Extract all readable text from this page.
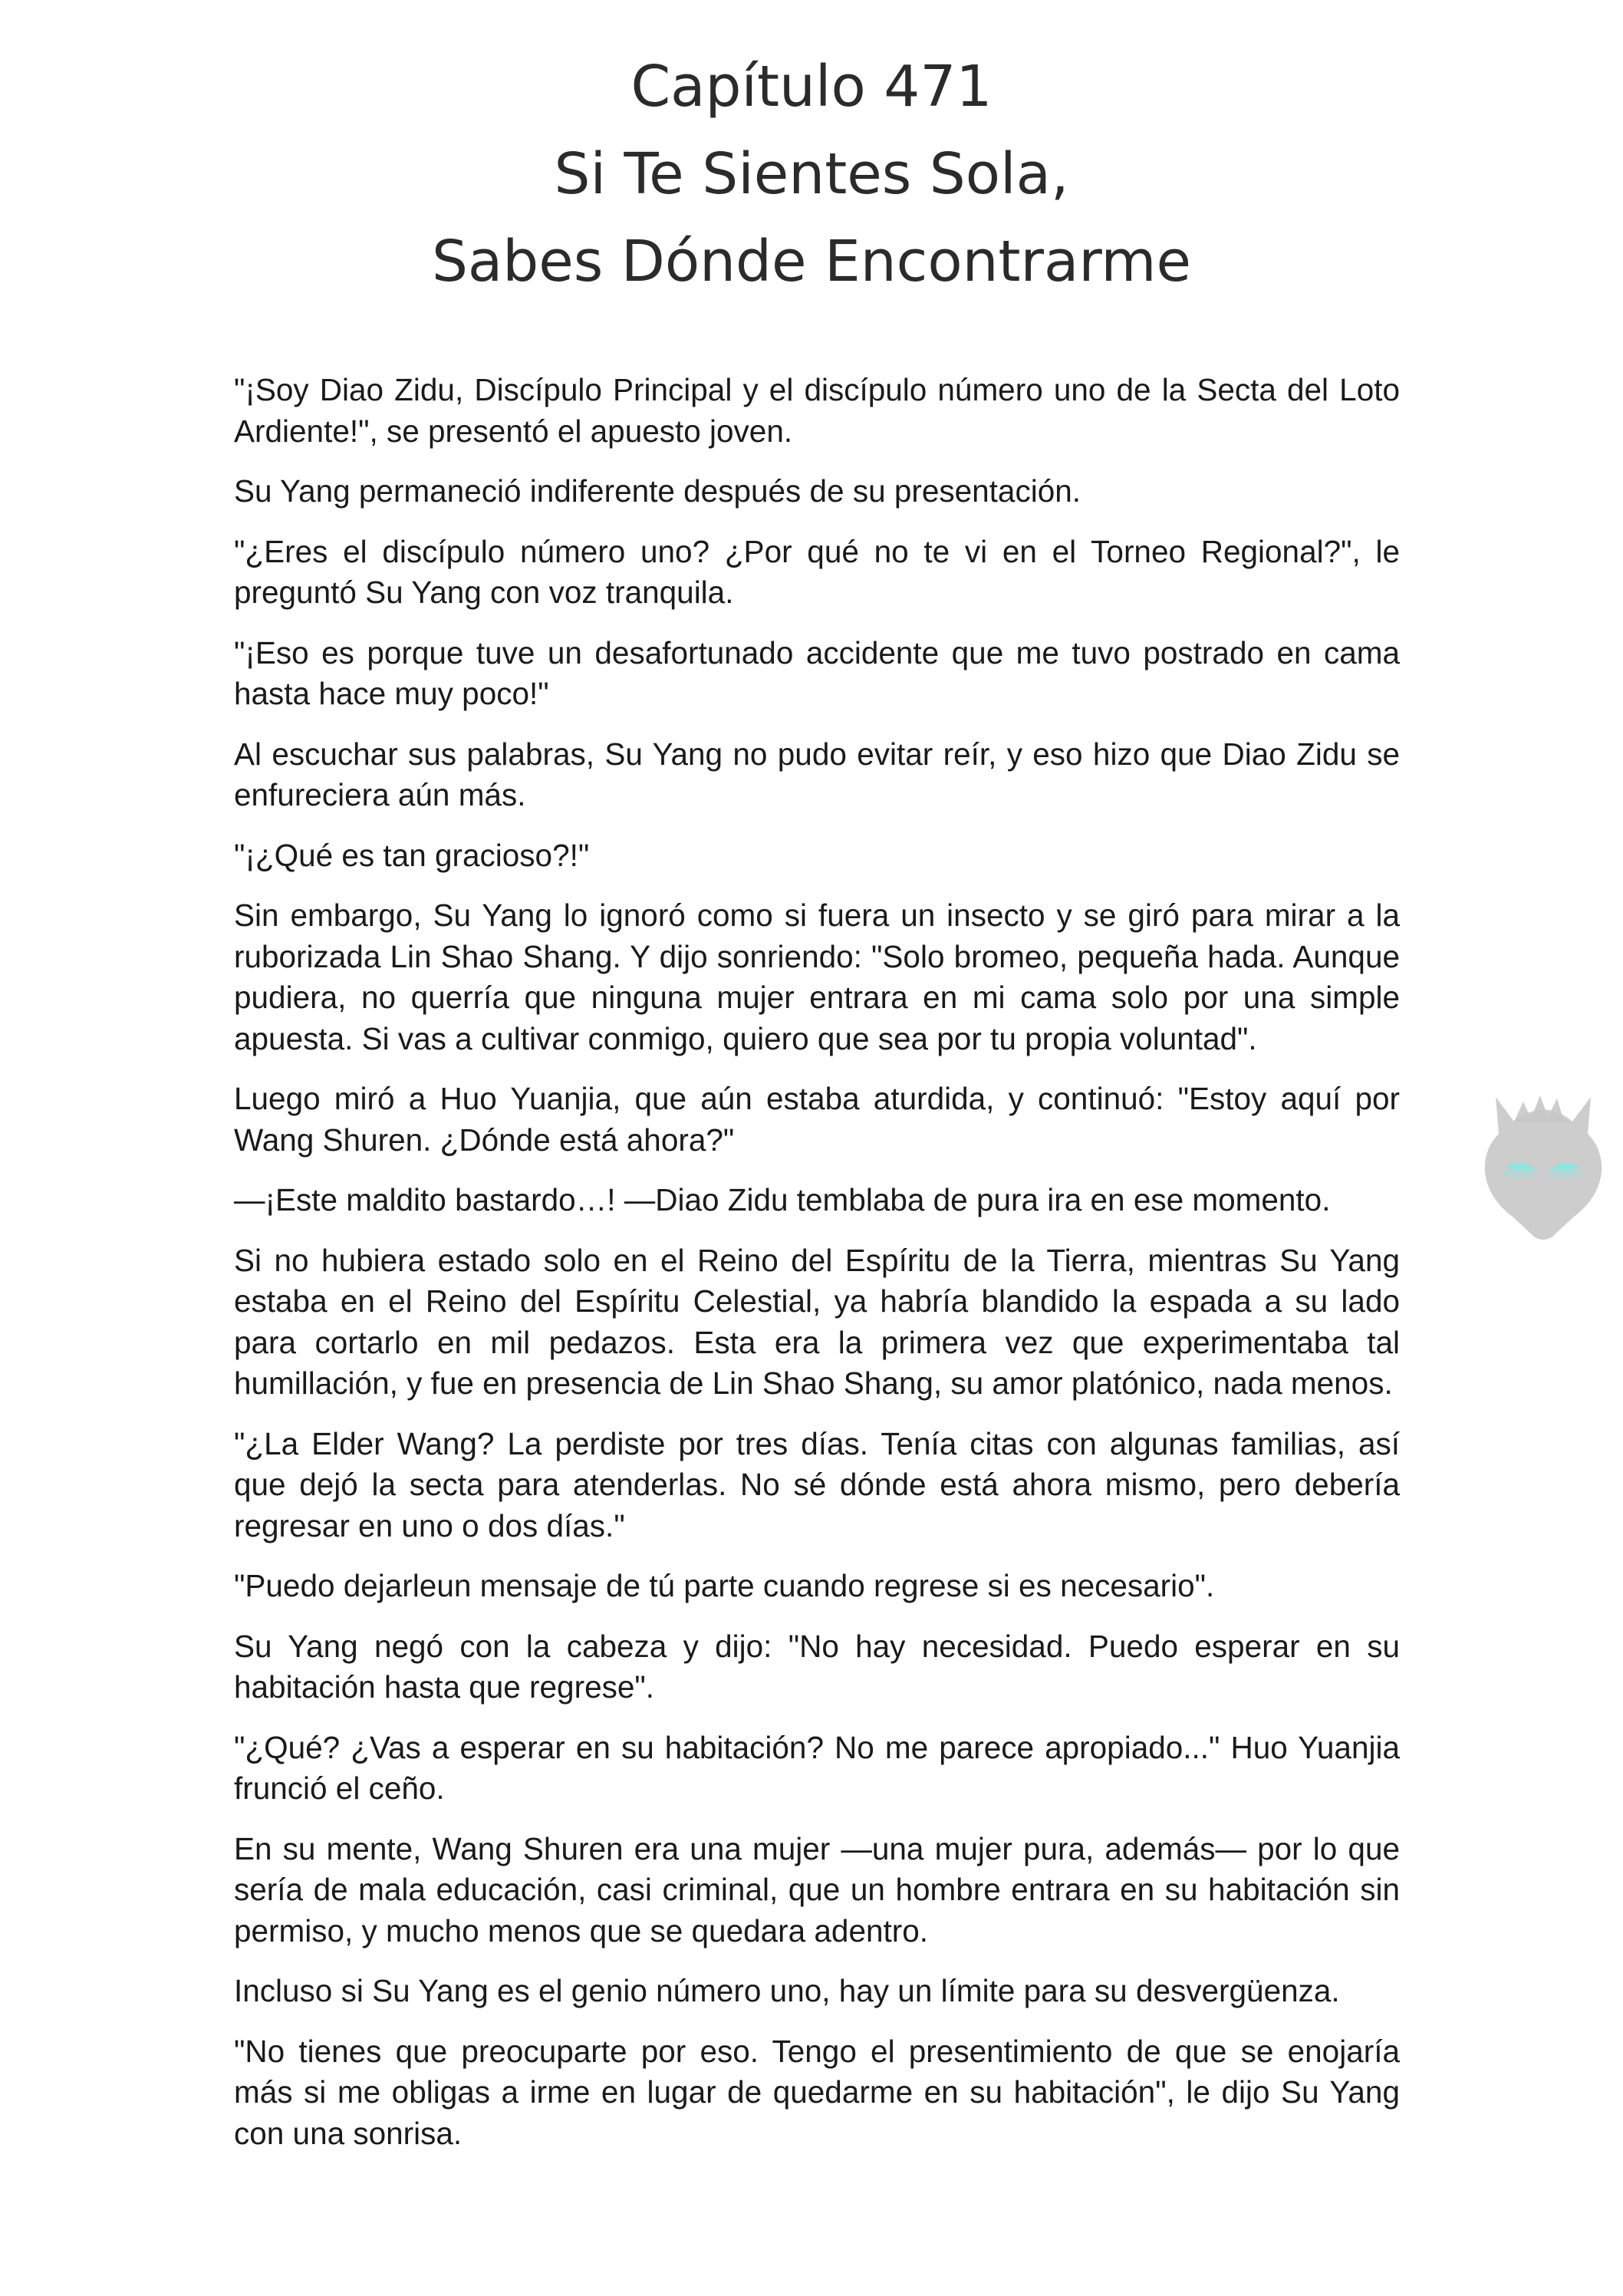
Capítulo 471
Si Te Sientes Sola,
Sabes Dónde Encontrarme

"¡Soy Diao Zidu, Discípulo Principal y el discípulo número uno de la Secta del Loto Ardiente!", se presentó el apuesto joven.

Su Yang permaneció indiferente después de su presentación.

"¿Eres el discípulo número uno? ¿Por qué no te vi en el Torneo Regional?", le preguntó Su Yang con voz tranquila.

"¡Eso es porque tuve un desafortunado accidente que me tuvo postrado en cama hasta hace muy poco!"

Al escuchar sus palabras, Su Yang no pudo evitar reír, y eso hizo que Diao Zidu se enfureciera aún más.

"¡¿Qué es tan gracioso?!"

Sin embargo, Su Yang lo ignoró como si fuera un insecto y se giró para mirar a la ruborizada Lin Shao Shang. Y dijo sonriendo: "Solo bromeo, pequeña hada. Aunque pudiera, no querría que ninguna mujer entrara en mi cama solo por una simple apuesta. Si vas a cultivar conmigo, quiero que sea por tu propia voluntad".

Luego miró a Huo Yuanjia, que aún estaba aturdida, y continuó: "Estoy aquí por Wang Shuren. ¿Dónde está ahora?"

—¡Este maldito bastardo…! —Diao Zidu temblaba de pura ira en ese momento.

Si no hubiera estado solo en el Reino del Espíritu de la Tierra, mientras Su Yang estaba en el Reino del Espíritu Celestial, ya habría blandido la espada a su lado para cortarlo en mil pedazos. Esta era la primera vez que experimentaba tal humillación, y fue en presencia de Lin Shao Shang, su amor platónico, nada menos.

"¿La Elder Wang? La perdiste por tres días. Tenía citas con algunas familias, así que dejó la secta para atenderlas. No sé dónde está ahora mismo, pero debería regresar en uno o dos días."

"Puedo dejarleun mensaje de tú parte cuando regrese si es necesario".

Su Yang negó con la cabeza y dijo: "No hay necesidad. Puedo esperar en su habitación hasta que regrese".

"¿Qué? ¿Vas a esperar en su habitación? No me parece apropiado..." Huo Yuanjia frunció el ceño.

En su mente, Wang Shuren era una mujer —una mujer pura, además— por lo que sería de mala educación, casi criminal, que un hombre entrara en su habitación sin permiso, y mucho menos que se quedara adentro.

Incluso si Su Yang es el genio número uno, hay un límite para su desvergüenza.

"No tienes que preocuparte por eso. Tengo el presentimiento de que se enojaría más si me obligas a irme en lugar de quedarme en su habitación", le dijo Su Yang con una sonrisa.
